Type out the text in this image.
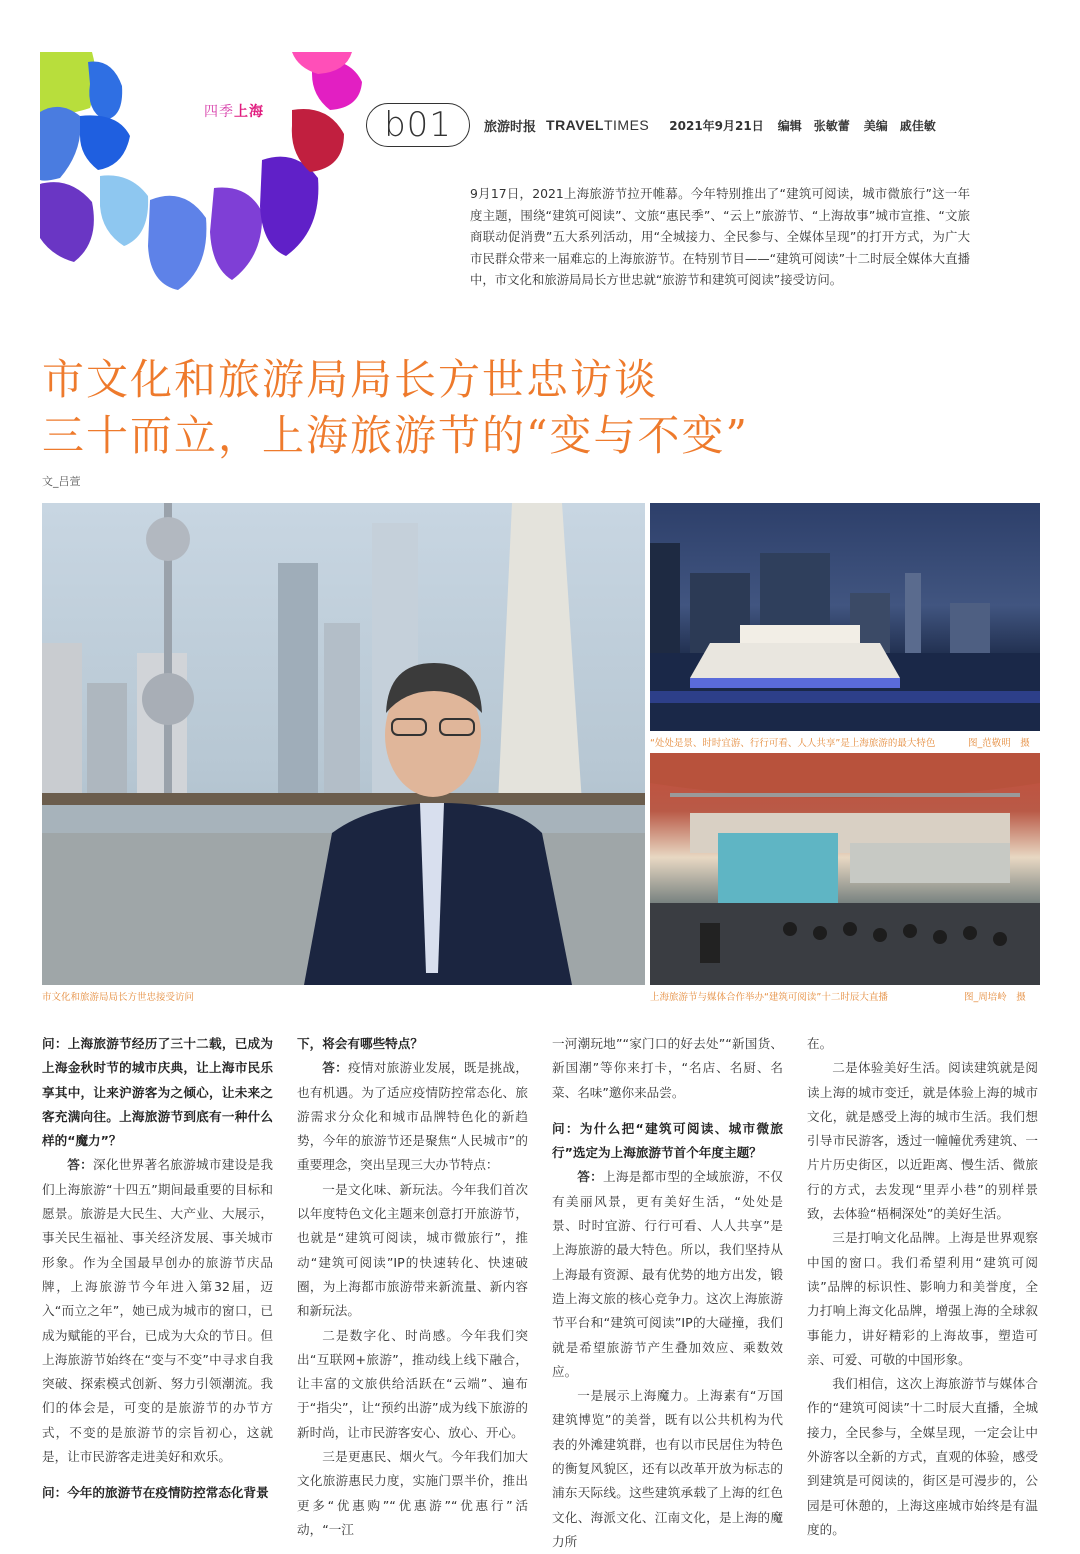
四季上海	b01	旅游时报 TRAVELTIMES 2021年9月21日 编辑　张敏蕾 美编　戚佳敏

9月17日，2021上海旅游节拉开帷幕。今年特别推出了“建筑可阅读，城市微旅行”这一年度主题，围绕“建筑可阅读”、文旅“惠民季”、“云上”旅游节、“上海故事”城市宣推、“文旅商联动促消费”五大系列活动，用“全城接力、全民参与、全媒体呈现”的打开方式，为广大市民群众带来一届难忘的上海旅游节。在特别节目——“建筑可阅读”十二时辰全媒体大直播中，市文化和旅游局局长方世忠就“旅游节和建筑可阅读”接受访问。

市文化和旅游局局长方世忠访谈
三十而立，上海旅游节的“变与不变”
文_吕萱
市文化和旅游局局长方世忠接受访问
“处处是景、时时宜游、行行可看、人人共享”是上海旅游的最大特色	图_范敬明　摄
上海旅游节与媒体合作举办“建筑可阅读”十二时辰大直播	图_周培岭　摄

问：上海旅游节经历了三十二载，已成为上海金秋时节的城市庆典，让上海市民乐享其中，让来沪游客为之倾心，让未来之客充满向往。上海旅游节到底有一种什么样的“魔力”？

答：深化世界著名旅游城市建设是我们上海旅游“十四五”期间最重要的目标和愿景。旅游是大民生、大产业、大展示，事关民生福祉、事关经济发展、事关城市形象。作为全国最早创办的旅游节庆品牌，上海旅游节今年进入第32届，迈入“而立之年”，她已成为城市的窗口，已成为赋能的平台，已成为大众的节日。但上海旅游节始终在“变与不变”中寻求自我突破、探索模式创新、努力引领潮流。我们的体会是，可变的是旅游节的办节方式，不变的是旅游节的宗旨初心，这就是，让市民游客走进美好和欢乐。

问：今年的旅游节在疫情防控常态化背景

下，将会有哪些特点？

答：疫情对旅游业发展，既是挑战，也有机遇。为了适应疫情防控常态化、旅游需求分众化和城市品牌特色化的新趋势，今年的旅游节还是聚焦“人民城市”的重要理念，突出呈现三大办节特点：

一是文化味、新玩法。今年我们首次以年度特色文化主题来创意打开旅游节，也就是“建筑可阅读，城市微旅行”，推动“建筑可阅读”IP的快速转化、快速破圈，为上海都市旅游带来新流量、新内容和新玩法。

二是数字化、时尚感。今年我们突出“互联网+旅游”，推动线上线下融合，让丰富的文旅供给活跃在“云端”、遍布于“指尖”，让“预约出游”成为线下旅游的新时尚，让市民游客安心、放心、开心。

三是更惠民、烟火气。今年我们加大文化旅游惠民力度，实施门票半价，推出更多“优惠购”“优惠游”“优惠行”活动，“一江

一河潮玩地”“家门口的好去处”“新国货、新国潮”等你来打卡，“名店、名厨、名菜、名味”邀你来品尝。

问：为什么把“建筑可阅读、城市微旅行”选定为上海旅游节首个年度主题？

答：上海是都市型的全域旅游，不仅有美丽风景，更有美好生活，“处处是景、时时宜游、行行可看、人人共享”是上海旅游的最大特色。所以，我们坚持从上海最有资源、最有优势的地方出发，锻造上海文旅的核心竞争力。这次上海旅游节平台和“建筑可阅读”IP的大碰撞，我们就是希望旅游节产生叠加效应、乘数效应。

一是展示上海魔力。上海素有“万国建筑博览”的美誉，既有以公共机构为代表的外滩建筑群，也有以市民居住为特色的衡复风貌区，还有以改革开放为标志的浦东天际线。这些建筑承载了上海的红色文化、海派文化、江南文化，是上海的魔力所

在。

二是体验美好生活。阅读建筑就是阅读上海的城市变迁，就是体验上海的城市文化，就是感受上海的城市生活。我们想引导市民游客，透过一幢幢优秀建筑、一片片历史街区，以近距离、慢生活、微旅行的方式，去发现“里弄小巷”的别样景致，去体验“梧桐深处”的美好生活。

三是打响文化品牌。上海是世界观察中国的窗口。我们希望利用“建筑可阅读”品牌的标识性、影响力和美誉度，全力打响上海文化品牌，增强上海的全球叙事能力，讲好精彩的上海故事，塑造可亲、可爱、可敬的中国形象。

我们相信，这次上海旅游节与媒体合作的“建筑可阅读”十二时辰大直播，全城接力，全民参与，全媒呈现，一定会让中外游客以全新的方式，直观的体验，感受到建筑是可阅读的，街区是可漫步的，公园是可休憩的，上海这座城市始终是有温度的。
